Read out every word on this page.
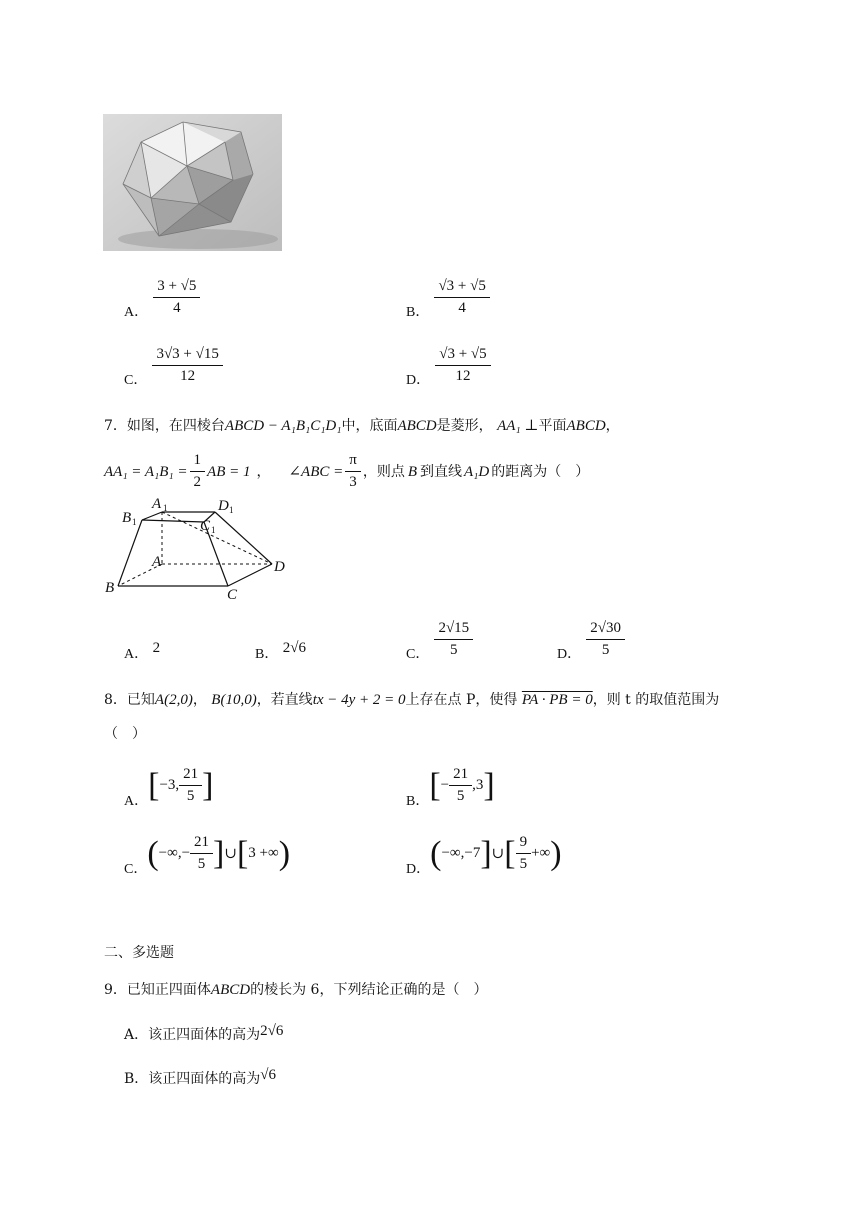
A． $\frac{3 + √5}{4}$	B． $\frac{√3 + √5}{4}$
C． $\frac{3√3 + √15}{12}$	D． $\frac{√3 + √5}{12}$
7．如图，在四棱台ABCD − A₁B₁C₁D₁中，底面ABCD是菱形， AA₁ ⊥平面ABCD，
$AA_1 = A_1B_1 = \frac{1}{2}$ AB = 1 ， ∠ABC = $\frac{\pi}{3}$ ，则点 B 到直线 A₁D 的距离为（　）
A 1	D 1
B 1	C 1
A	D
B	C
A． 2	B． 2√6	C． $\frac{2√15}{5}$	D． $\frac{2√30}{5}$
8．已知A(2,0)， B(10,0)，若直线tx − 4y + 2 = 0上存在点 P，使得 PA · PB = 0，则 t 的取值范围为
（　）
A． [ −3, $\frac{21}{5}$ ]	B． [ − $\frac{21}{5} ,3$ ]
C． ( −∞,− $\frac{21}{5}$ ] ∪ [ 3 +∞ )	D． ( −∞,−7 ] ∪ [ $\frac{9}{5}$ +∞ )
二、多选题
9．已知正四面体ABCD的棱长为 6，下列结论正确的是（　）
A．该正四面体的高为2√6
B．该正四面体的高为√6
